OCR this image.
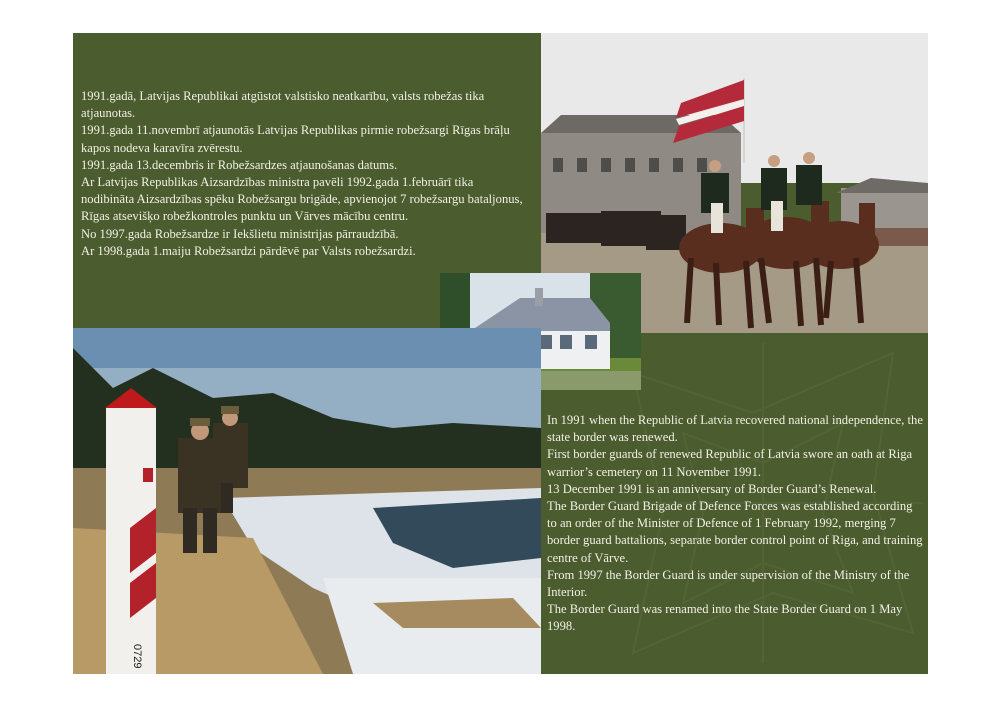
1991.gadā, Latvijas Republikai atgūstot valstisko neatkarību, valsts robežas tika atjaunotas.
1991.gada 11.novembrī atjaunotās Latvijas Republikas pirmie robežsargi Rīgas brāļu kapos nodeva karavīra zvērestu.
1991.gada 13.decembris ir Robežsardzes atjaunošanas datums.
Ar Latvijas Republikas Aizsardzības ministra pavēli 1992.gada 1.februārī tika nodibināta Aizsardzības spēku Robežsargu brigāde, apvienojot 7 robežsargu bataljonus, Rīgas atsevišķo robežkontroles punktu un Vārves mācību centru.
No 1997.gada Robežsardze ir Iekšlietu ministrijas pārraudzībā.
Ar 1998.gada 1.maiju Robežsardzi pārdēvē par Valsts robežsardzi.
In 1991 when the Republic of Latvia recovered national independence, the state border was renewed.
First border guards of renewed Republic of Latvia swore an oath at Riga warrior’s cemetery on 11 November 1991.
13 December 1991 is an anniversary of Border Guard’s Renewal.
The Border Guard Brigade of Defence Forces was established according to an order of the Minister of Defence of 1 February 1992, merging 7 border guard battalions, separate border control point of Riga, and training centre of Vārve.
From 1997 the Border Guard is under supervision of the Ministry of the Interior.
The Border Guard was renamed into the State Border Guard on 1 May 1998.
0729
